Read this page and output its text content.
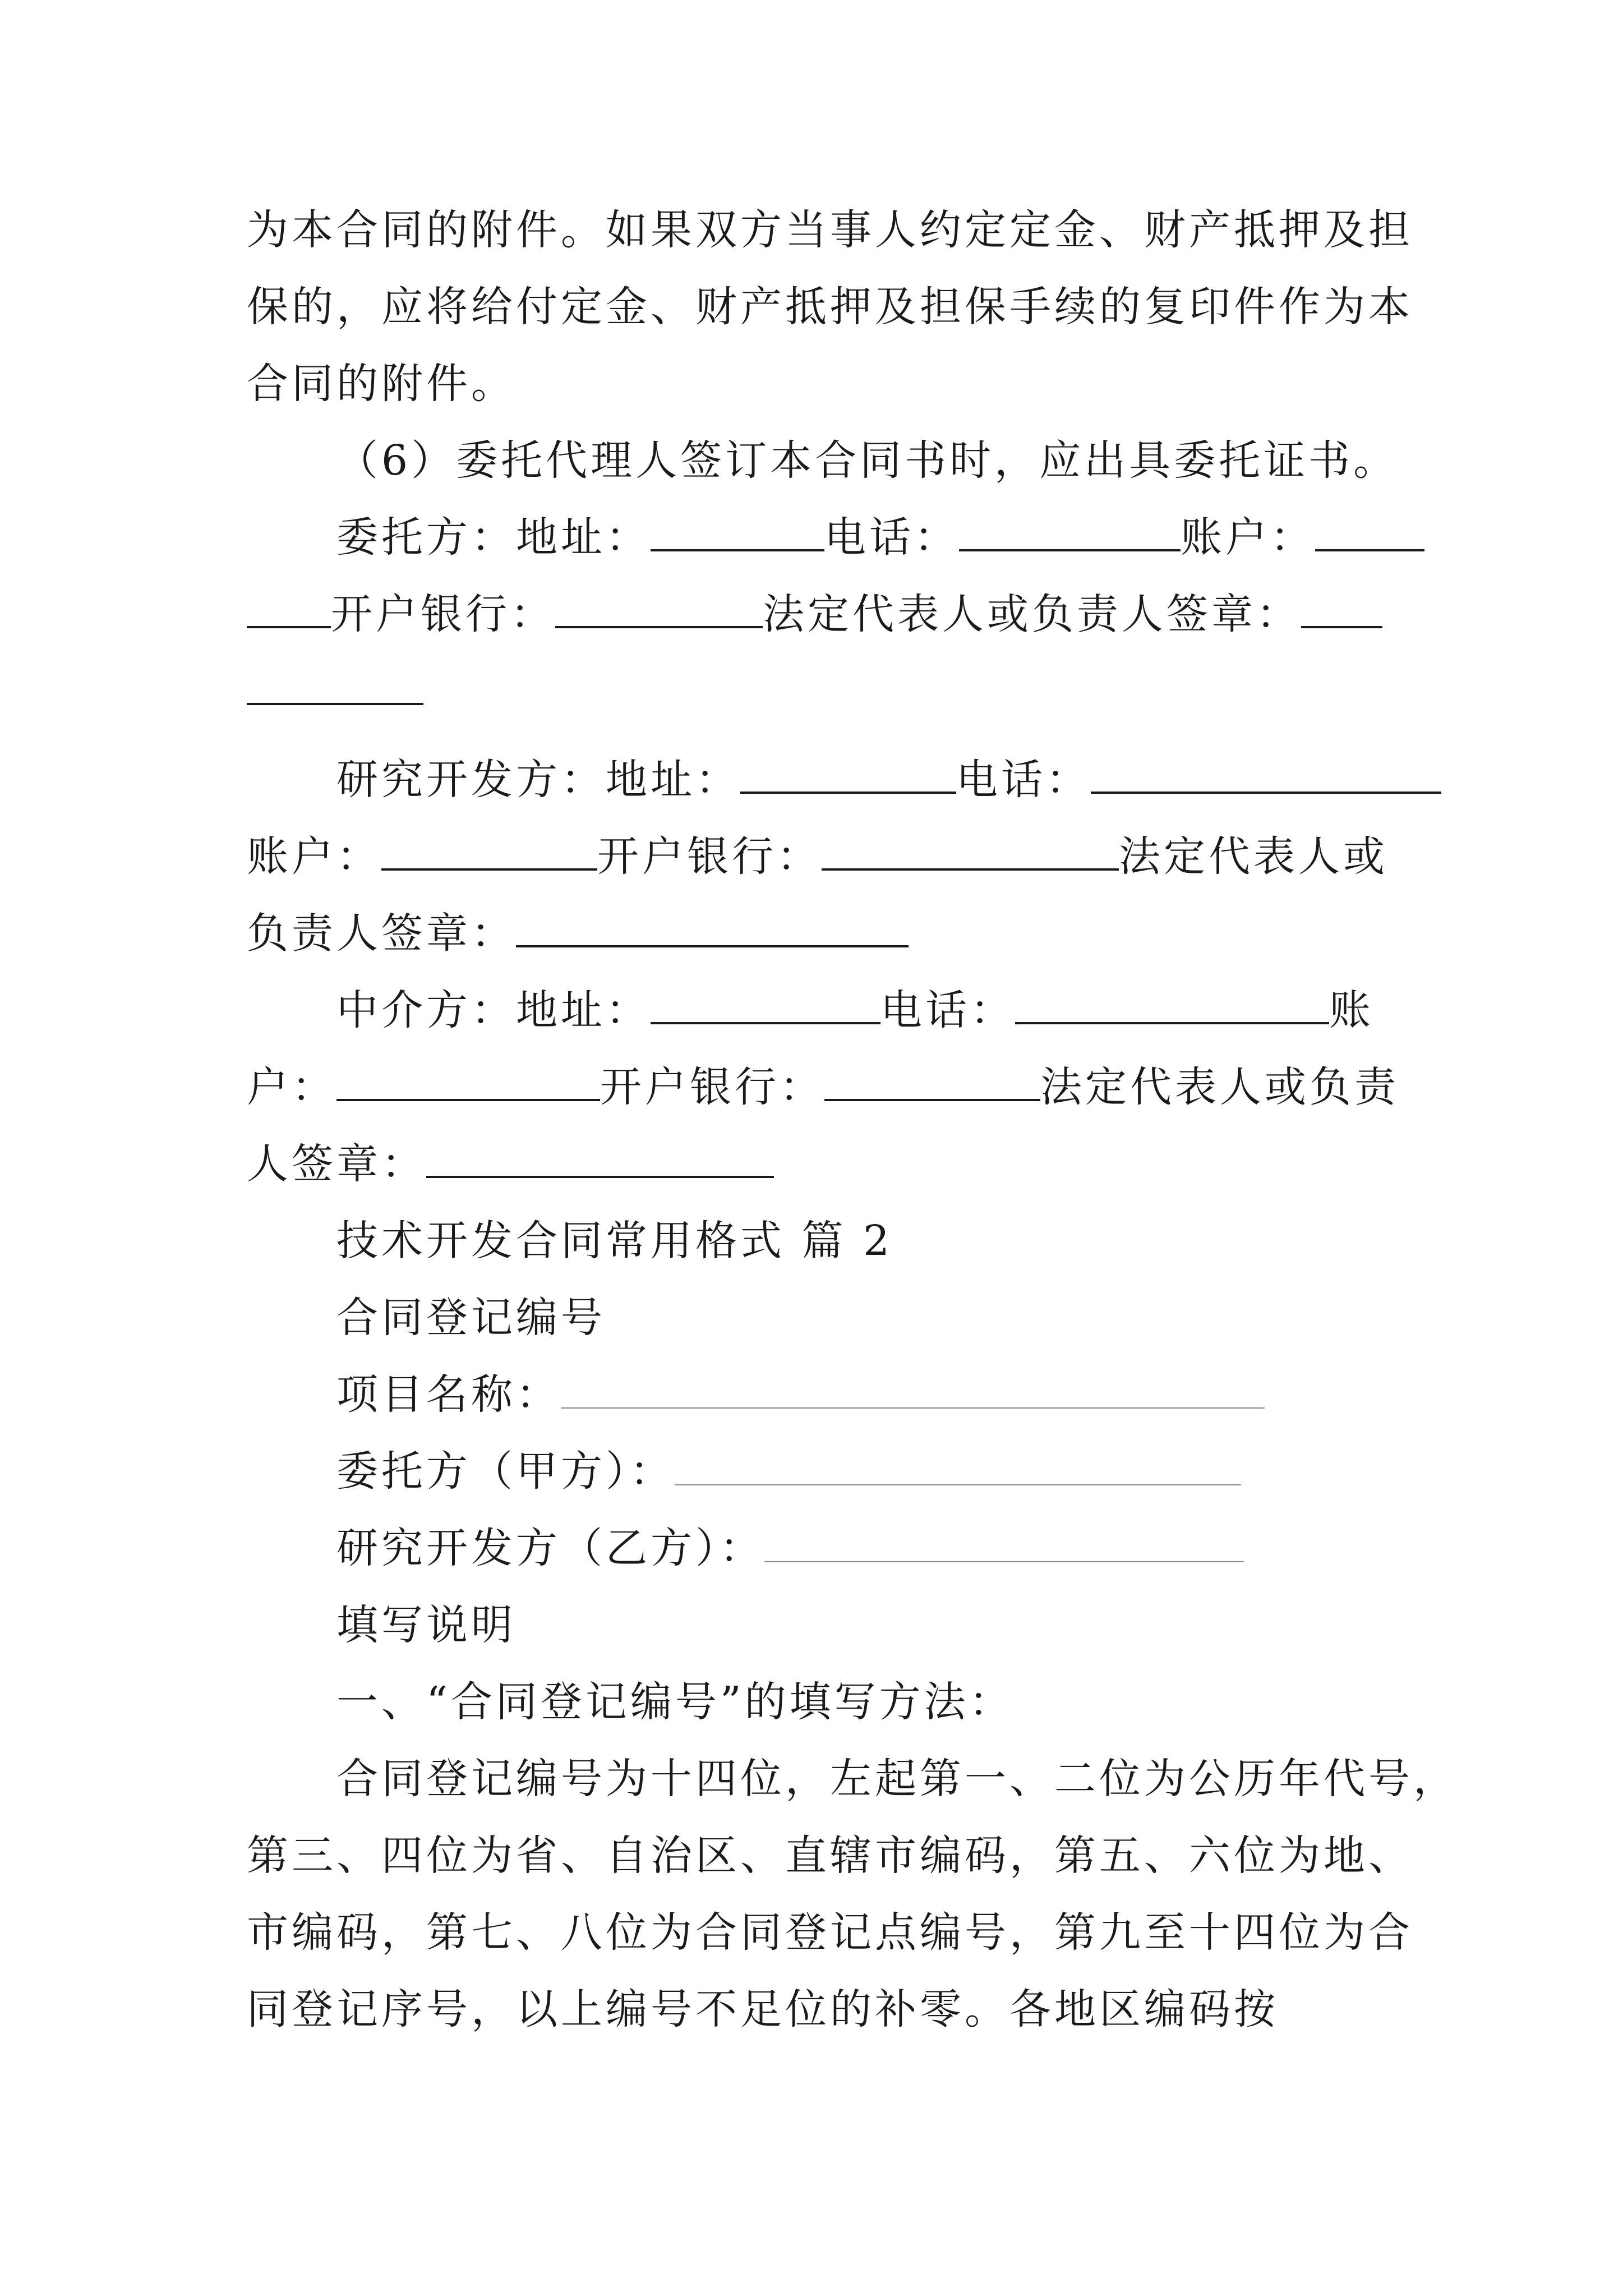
为本合同的附件。如果双方当事人约定定金、财产抵押及担
保的，应将给付定金、财产抵押及担保手续的复印件作为本
合同的附件。
（6）委托代理人签订本合同书时，应出具委托证书。
委托方：地址：	电话：	账户：
开户银行：	法定代表人或负责人签章：
研究开发方：地址：	电话：
账户：	开户银行：	法定代表人或
负责人签章：
中介方：地址：	电话：	账
户：	开户银行：	法定代表人或负责
人签章：
技术开发合同常用格式 篇 2
合同登记编号
项目名称：
委托方（甲方）：
研究开发方（乙方）：
填写说明
一、“合同登记编号”的填写方法：
合同登记编号为十四位，左起第一、二位为公历年代号，
第三、四位为省、自治区、直辖市编码，第五、六位为地、
市编码，第七、八位为合同登记点编号，第九至十四位为合
同登记序号，以上编号不足位的补零。各地区编码按
